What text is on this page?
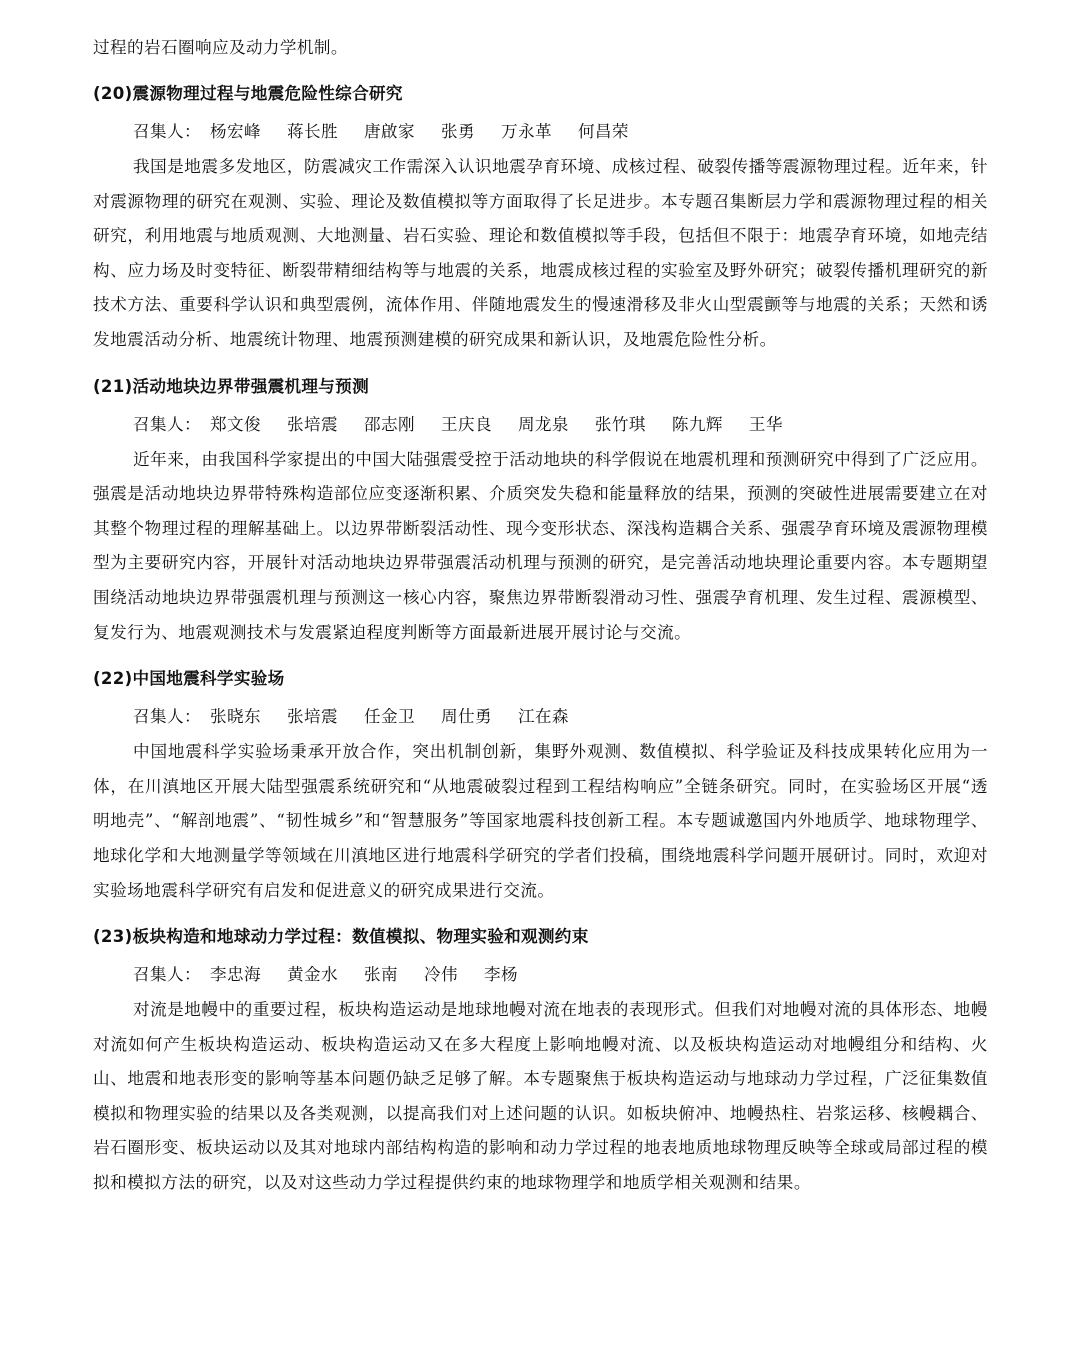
过程的岩石圈响应及动力学机制。

(20)震源物理过程与地震危险性综合研究

召集人： 杨宏峰 蒋长胜 唐啟家 张勇 万永革 何昌荣

我国是地震多发地区，防震减灾工作需深入认识地震孕育环境、成核过程、破裂传播等震源物理过程。近年来，针对震源物理的研究在观测、实验、理论及数值模拟等方面取得了长足进步。本专题召集断层力学和震源物理过程的相关研究，利用地震与地质观测、大地测量、岩石实验、理论和数值模拟等手段，包括但不限于：地震孕育环境，如地壳结构、应力场及时变特征、断裂带精细结构等与地震的关系，地震成核过程的实验室及野外研究；破裂传播机理研究的新技术方法、重要科学认识和典型震例，流体作用、伴随地震发生的慢速滑移及非火山型震颤等与地震的关系；天然和诱发地震活动分析、地震统计物理、地震预测建模的研究成果和新认识，及地震危险性分析。

(21)活动地块边界带强震机理与预测

召集人： 郑文俊 张培震 邵志刚 王庆良 周龙泉 张竹琪 陈九辉 王华

近年来，由我国科学家提出的中国大陆强震受控于活动地块的科学假说在地震机理和预测研究中得到了广泛应用。强震是活动地块边界带特殊构造部位应变逐渐积累、介质突发失稳和能量释放的结果，预测的突破性进展需要建立在对其整个物理过程的理解基础上。以边界带断裂活动性、现今变形状态、深浅构造耦合关系、强震孕育环境及震源物理模型为主要研究内容，开展针对活动地块边界带强震活动机理与预测的研究，是完善活动地块理论重要内容。本专题期望围绕活动地块边界带强震机理与预测这一核心内容，聚焦边界带断裂滑动习性、强震孕育机理、发生过程、震源模型、复发行为、地震观测技术与发震紧迫程度判断等方面最新进展开展讨论与交流。

(22)中国地震科学实验场

召集人： 张晓东 张培震 任金卫 周仕勇 江在森

中国地震科学实验场秉承开放合作，突出机制创新，集野外观测、数值模拟、科学验证及科技成果转化应用为一体，在川滇地区开展大陆型强震系统研究和“从地震破裂过程到工程结构响应”全链条研究。同时，在实验场区开展“透明地壳”、“解剖地震”、“韧性城乡”和“智慧服务”等国家地震科技创新工程。本专题诚邀国内外地质学、地球物理学、地球化学和大地测量学等领域在川滇地区进行地震科学研究的学者们投稿，围绕地震科学问题开展研讨。同时，欢迎对实验场地震科学研究有启发和促进意义的研究成果进行交流。

(23)板块构造和地球动力学过程：数值模拟、物理实验和观测约束

召集人： 李忠海 黄金水 张南 冷伟 李杨

对流是地幔中的重要过程，板块构造运动是地球地幔对流在地表的表现形式。但我们对地幔对流的具体形态、地幔对流如何产生板块构造运动、板块构造运动又在多大程度上影响地幔对流、以及板块构造运动对地幔组分和结构、火山、地震和地表形变的影响等基本问题仍缺乏足够了解。本专题聚焦于板块构造运动与地球动力学过程，广泛征集数值模拟和物理实验的结果以及各类观测，以提高我们对上述问题的认识。如板块俯冲、地幔热柱、岩浆运移、核幔耦合、岩石圈形变、板块运动以及其对地球内部结构构造的影响和动力学过程的地表地质地球物理反映等全球或局部过程的模拟和模拟方法的研究，以及对这些动力学过程提供约束的地球物理学和地质学相关观测和结果。
